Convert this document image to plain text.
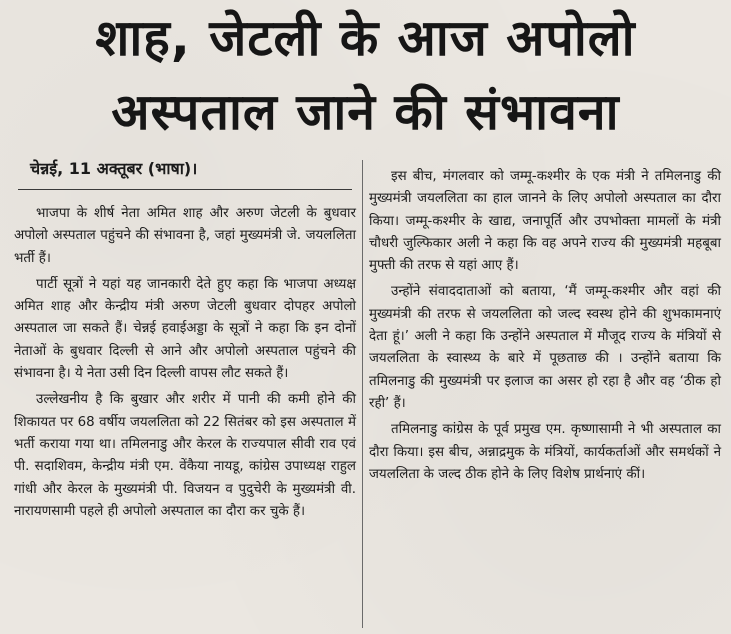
शाह, जेटली के आज अपोलो
अस्पताल जाने की संभावना
चेन्नई, 11 अक्तूबर (भाषा)।

भाजपा के शीर्ष नेता अमित शाह और अरुण जेटली के बुधवार अपोलो अस्पताल पहुंचने की संभावना है, जहां मुख्यमंत्री जे. जयललिता भर्ती हैं।

पार्टी सूत्रों ने यहां यह जानकारी देते हुए कहा कि भाजपा अध्यक्ष अमित शाह और केन्द्रीय मंत्री अरुण जेटली बुधवार दोपहर अपोलो अस्पताल जा सकते हैं। चेन्नई हवाईअड्डा के सूत्रों ने कहा कि इन दोनों नेताओं के बुधवार दिल्ली से आने और अपोलो अस्पताल पहुंचने की संभावना है। ये नेता उसी दिन दिल्ली वापस लौट सकते हैं।

उल्लेखनीय है कि बुखार और शरीर में पानी की कमी होने की शिकायत पर 68 वर्षीय जयललिता को 22 सितंबर को इस अस्पताल में भर्ती कराया गया था। तमिलनाडु और केरल के राज्यपाल सीवी राव एवं पी. सदाशिवम, केन्द्रीय मंत्री एम. वेंकैया नायडू, कांग्रेस उपाध्यक्ष राहुल गांधी और केरल के मुख्यमंत्री पी. विजयन व पुदुचेरी के मुख्यमंत्री वी. नारायणसामी पहले ही अपोलो अस्पताल का दौरा कर चुके हैं।

इस बीच, मंगलवार को जम्मू-कश्मीर के एक मंत्री ने तमिलनाडु की मुख्यमंत्री जयललिता का हाल जानने के लिए अपोलो अस्पताल का दौरा किया। जम्मू-कश्मीर के खाद्य, जनापूर्ति और उपभोक्ता मामलों के मंत्री चौधरी जुल्फिकार अली ने कहा कि वह अपने राज्य की मुख्यमंत्री महबूबा मुफ्ती की तरफ से यहां आए हैं।

उन्होंने संवाददाताओं को बताया, ‘मैं जम्मू-कश्मीर और वहां की मुख्यमंत्री की तरफ से जयललिता को जल्द स्वस्थ होने की शुभकामनाएं देता हूं।’ अली ने कहा कि उन्होंने अस्पताल में मौजूद राज्य के मंत्रियों से जयललिता के स्वास्थ्य के बारे में पूछताछ की । उन्होंने बताया कि तमिलनाडु की मुख्यमंत्री पर इलाज का असर हो रहा है और वह ‘ठीक हो रही’ हैं।

तमिलनाडु कांग्रेस के पूर्व प्रमुख एम. कृष्णासामी ने भी अस्पताल का दौरा किया। इस बीच, अन्नाद्रमुक के मंत्रियों, कार्यकर्ताओं और समर्थकों ने जयललिता के जल्द ठीक होने के लिए विशेष प्रार्थनाएं कीं।
